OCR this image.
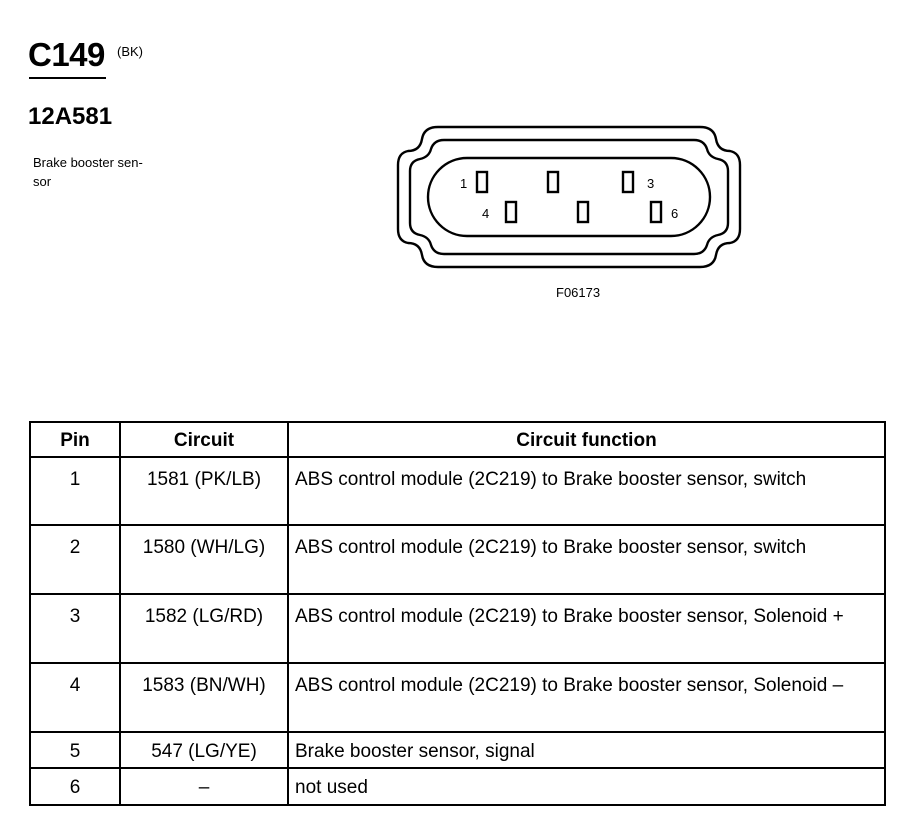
C149 (BK)
12A581
Brake booster sen-
sor	1	3
4	6
F06173
Pin	Circuit	Circuit function
1	1581 (PK/LB)	ABS control module (2C219) to Brake booster sensor, switch
2	1580 (WH/LG)	ABS control module (2C219) to Brake booster sensor, switch
3	1582 (LG/RD)	ABS control module (2C219) to Brake booster sensor, Solenoid +
4	1583 (BN/WH)	ABS control module (2C219) to Brake booster sensor, Solenoid –
5	547 (LG/YE)	Brake booster sensor, signal
6	–	not used
